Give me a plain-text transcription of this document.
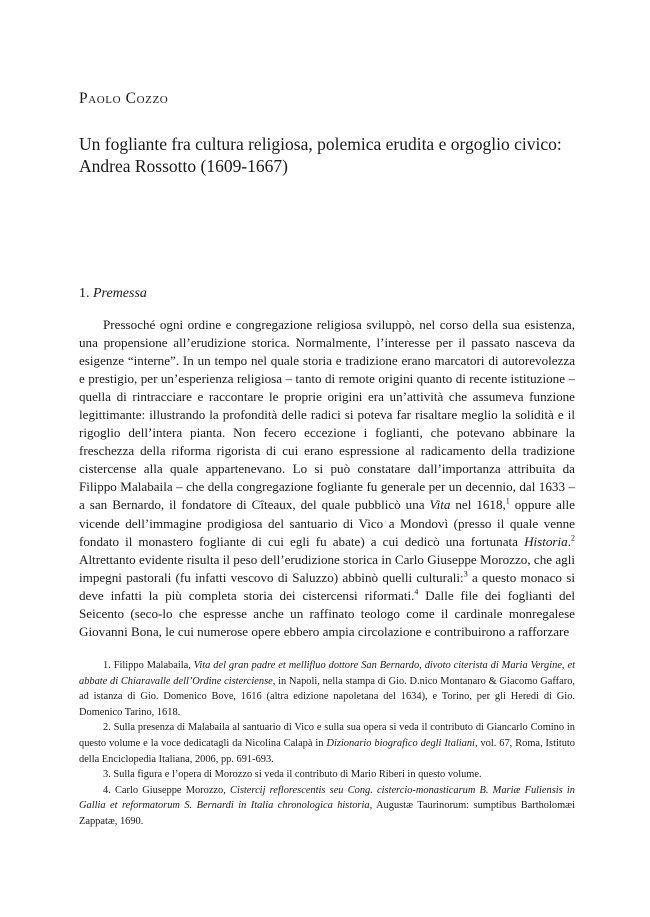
Paolo Cozzo
Un fogliante fra cultura religiosa, polemica erudita e orgoglio civico: Andrea Rossotto (1609-1667)
1. Premessa

Pressoché ogni ordine e congregazione religiosa sviluppò, nel corso della sua esistenza, una propensione all’erudizione storica. Normalmente, l’interesse per il passato nasceva da esigenze “interne”. In un tempo nel quale storia e tradizione erano marcatori di autorevolezza e prestigio, per un’esperienza religiosa – tanto di remote origini quanto di recente istituzione – quella di rintracciare e raccontare le proprie origini era un’attività che assumeva funzione legittimante: illustrando la profondità delle radici si poteva far risaltare meglio la solidità e il rigoglio dell’intera pianta. Non fecero eccezione i foglianti, che potevano abbinare la freschezza della riforma rigorista di cui erano espressione al radicamento della tradizione cistercense alla quale appartenevano. Lo si può constatare dall’importanza attribuita da Filippo Malabaila – che della congregazione fogliante fu generale per un decennio, dal 1633 – a san Bernardo, il fondatore di Cîteaux, del quale pubblicò una Vita nel 1618,$^1$ oppure alle vicende dell’immagine prodigiosa del santuario di Vico a Mondovì (presso il quale venne fondato il monastero fogliante di cui egli fu abate) a cui dedicò una fortunata Historia.$^2$ Altrettanto evidente risulta il peso dell’erudizione storica in Carlo Giuseppe Morozzo, che agli impegni pastorali (fu infatti vescovo di Saluzzo) abbinò quelli culturali:$^3$ a questo monaco si deve infatti la più completa storia dei cistercensi riformati.$^4$ Dalle file dei foglianti del Seicento (seco-lo che espresse anche un raffinato teologo come il cardinale monregalese Giovanni Bona, le cui numerose opere ebbero ampia circolazione e contribuirono a rafforzare

1. Filippo Malabaila, Vita del gran padre et mellifluo dottore San Bernardo, divoto citerista di Maria Vergine, et abbate di Chiaravalle dell’Ordine cisterciense, in Napoli, nella stampa di Gio. D.nico Montanaro & Giacomo Gaffaro, ad istanza di Gio. Domenico Bove, 1616 (altra edizione napoletana del 1634), e Torino, per gli Heredi di Gio. Domenico Tarino, 1618.

2. Sulla presenza di Malabaila al santuario di Vico e sulla sua opera si veda il contributo di Giancarlo Comino in questo volume e la voce dedicatagli da Nicolina Calapà in Dizionario biografico degli Italiani, vol. 67, Roma, Istituto della Enciclopedia Italiana, 2006, pp. 691-693.

3. Sulla figura e l’opera di Morozzo si veda il contributo di Mario Riberi in questo volume.

4. Carlo Giuseppe Morozzo, Cistercij reflorescentis seu Cong. cistercio-monasticarum B. Mariæ Fuliensis in Gallia et reformatorum S. Bernardi in Italia chronologica historia, Augustæ Taurinorum: sumptibus Bartholomæi Zappatæ, 1690.
